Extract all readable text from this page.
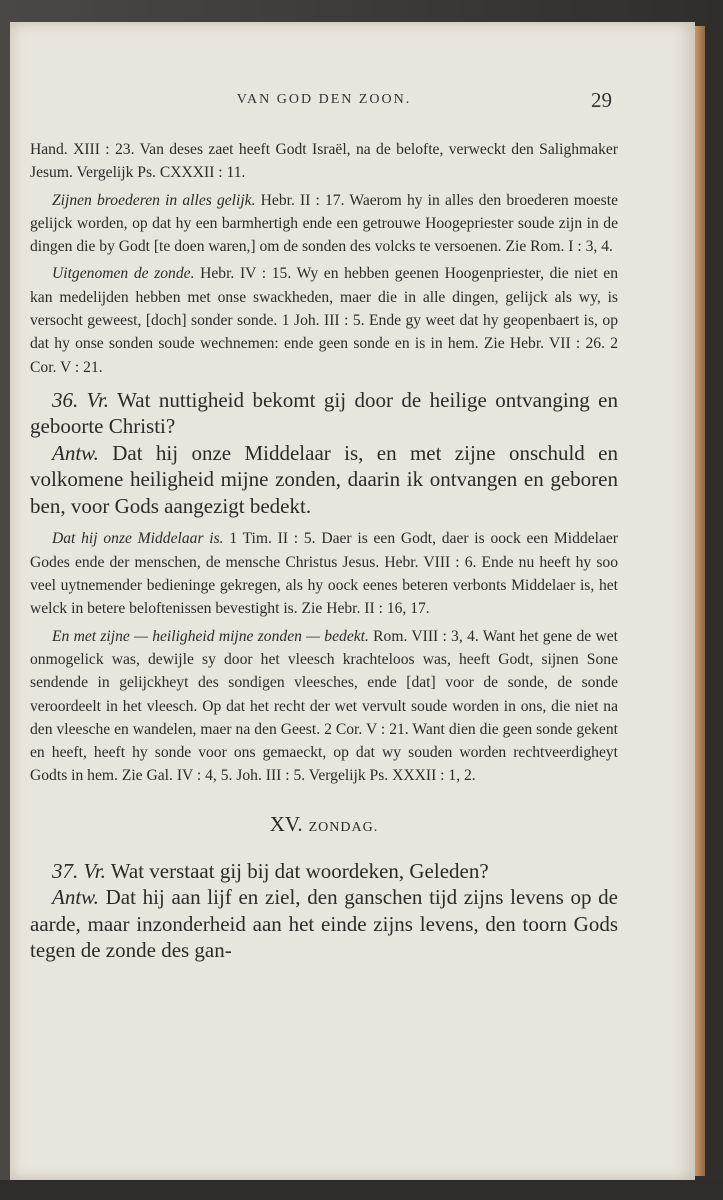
VAN GOD DEN ZOON.	29

Hand. XIII : 23. Van deses zaet heeft Godt Israël, na de belofte, verweckt den Salighmaker Jesum. Vergelijk Ps. CXXXII : 11.

Zijnen broederen in alles gelijk. Hebr. II : 17. Waerom hy in alles den broederen moeste gelijck worden, op dat hy een barmhertigh ende een getrouwe Hoogepriester soude zijn in de dingen die by Godt [te doen waren,] om de sonden des volcks te versoenen. Zie Rom. I : 3, 4.

Uitgenomen de zonde. Hebr. IV : 15. Wy en hebben geenen Hoogenpriester, die niet en kan medelijden hebben met onse swackheden, maer die in alle dingen, gelijck als wy, is versocht geweest, [doch] sonder sonde. 1 Joh. III : 5. Ende gy weet dat hy geopenbaert is, op dat hy onse sonden soude wechnemen: ende geen sonde en is in hem. Zie Hebr. VII : 26. 2 Cor. V : 21.

36. Vr. Wat nuttigheid bekomt gij door de heilige ontvanging en geboorte Christi?

Antw. Dat hij onze Middelaar is, en met zijne onschuld en volkomene heiligheid mijne zonden, daarin ik ontvangen en geboren ben, voor Gods aangezigt bedekt.

Dat hij onze Middelaar is. 1 Tim. II : 5. Daer is een Godt, daer is oock een Middelaer Godes ende der menschen, de mensche Christus Jesus. Hebr. VIII : 6. Ende nu heeft hy soo veel uytnemender bedieninge gekregen, als hy oock eenes beteren verbonts Middelaer is, het welck in betere beloftenissen bevestight is. Zie Hebr. II : 16, 17.

En met zijne — heiligheid mijne zonden — bedekt. Rom. VIII : 3, 4. Want het gene de wet onmogelick was, dewijle sy door het vleesch krachteloos was, heeft Godt, sijnen Sone sendende in gelijckheyt des sondigen vleesches, ende [dat] voor de sonde, de sonde veroordeelt in het vleesch. Op dat het recht der wet vervult soude worden in ons, die niet na den vleesche en wandelen, maer na den Geest. 2 Cor. V : 21. Want dien die geen sonde gekent en heeft, heeft hy sonde voor ons gemaeckt, op dat wy souden worden rechtveerdigheyt Godts in hem. Zie Gal. IV : 4, 5. Joh. III : 5. Vergelijk Ps. XXXII : 1, 2.

XV. ZONDAG.

37. Vr. Wat verstaat gij bij dat woordeken, Geleden?

Antw. Dat hij aan lijf en ziel, den ganschen tijd zijns levens op de aarde, maar inzonderheid aan het einde zijns levens, den toorn Gods tegen de zonde des gan-
